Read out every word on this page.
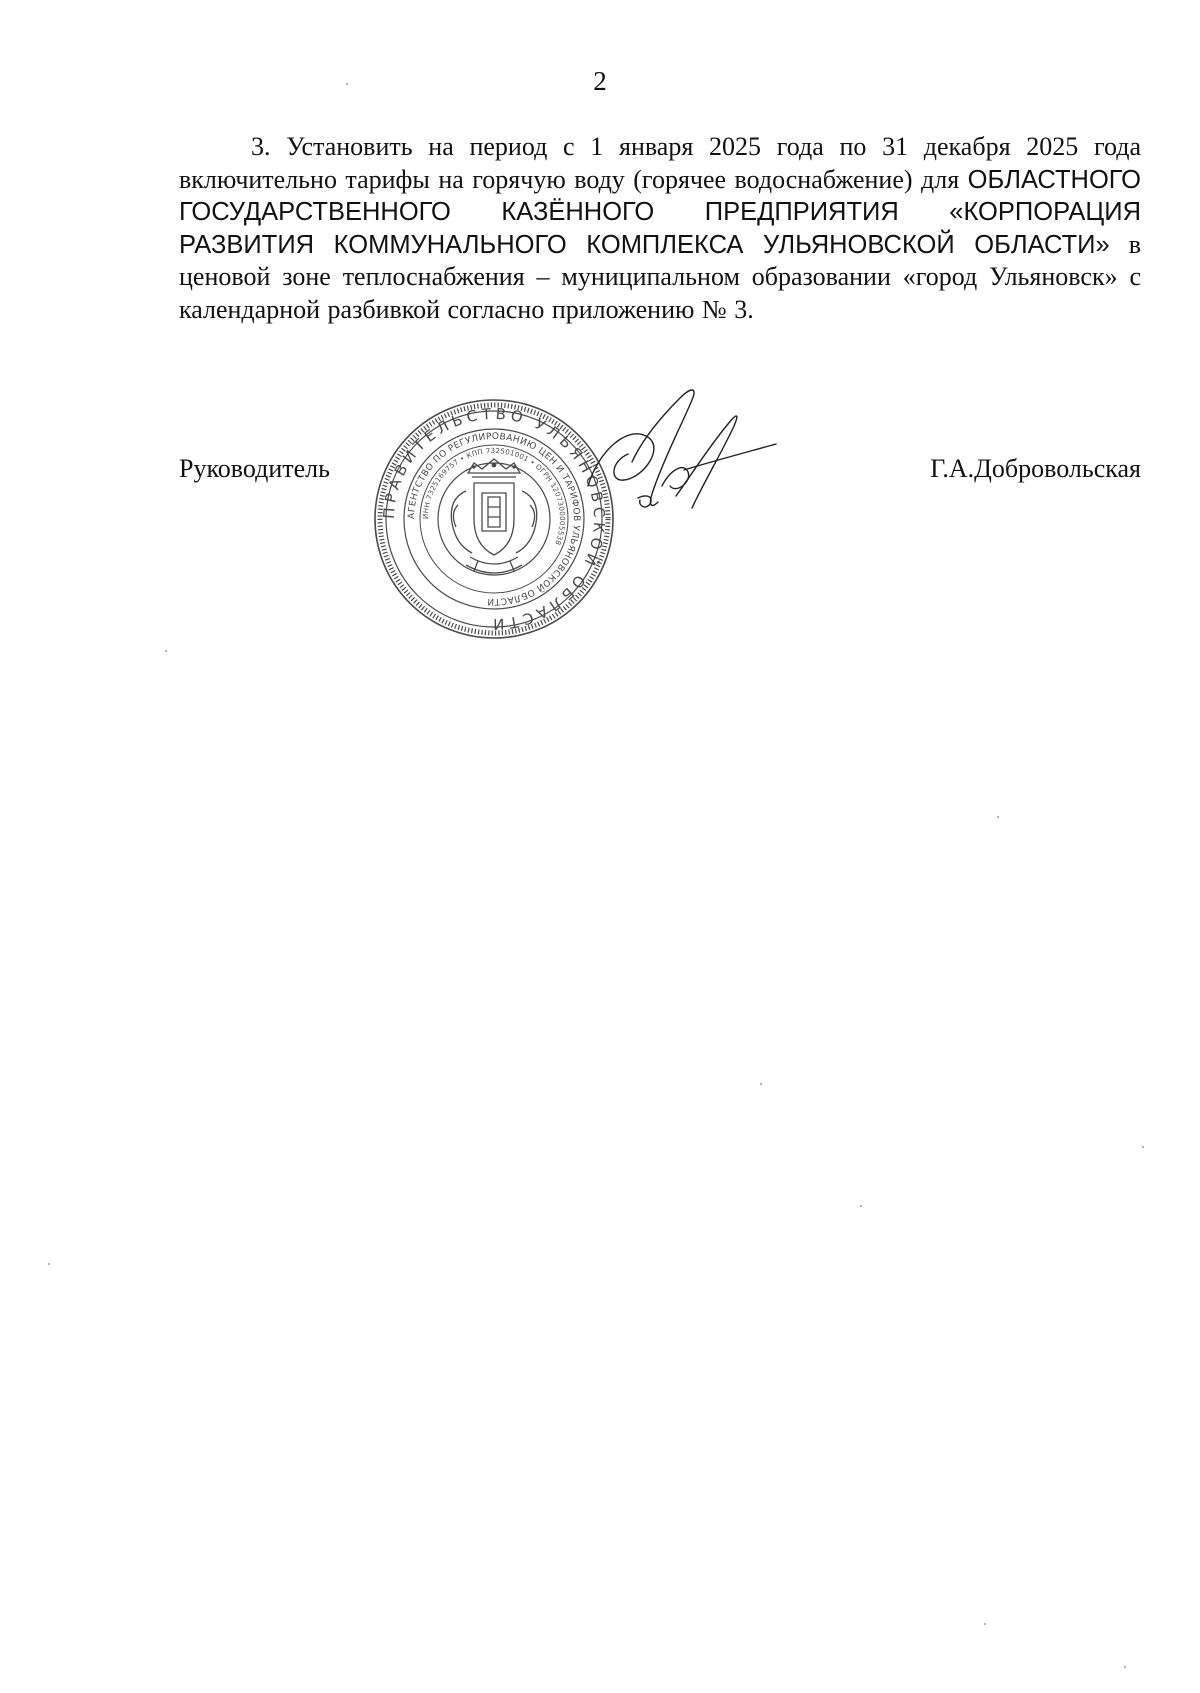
2

3. Установить на период с 1 января 2025 года по 31 декабря 2025 года включительно тарифы на горячую воду (горячее водоснабжение) для ОБЛАСТНОГО ГОСУДАРСТВЕННОГО КАЗЁННОГО ПРЕДПРИЯТИЯ «КОРПОРАЦИЯ РАЗВИТИЯ КОММУНАЛЬНОГО КОМПЛЕКСА УЛЬЯНОВСКОЙ ОБЛАСТИ» в ценовой зоне теплоснабжения – муниципальном образовании «город Ульяновск» с календарной разбивкой согласно приложению № 3.

Руководитель	Г.А.Добровольская
ПРАВИТЕЛЬСТВО УЛЬЯНОВСКОЙ ОБЛАСТИ
АГЕНТСТВО ПО РЕГУЛИРОВАНИЮ ЦЕН И ТАРИФОВ УЛЬЯНОВСКОЙ ОБЛАСТИ
ИНН 7325169757 • КПП 732501001 • ОГРН 1207300005538
